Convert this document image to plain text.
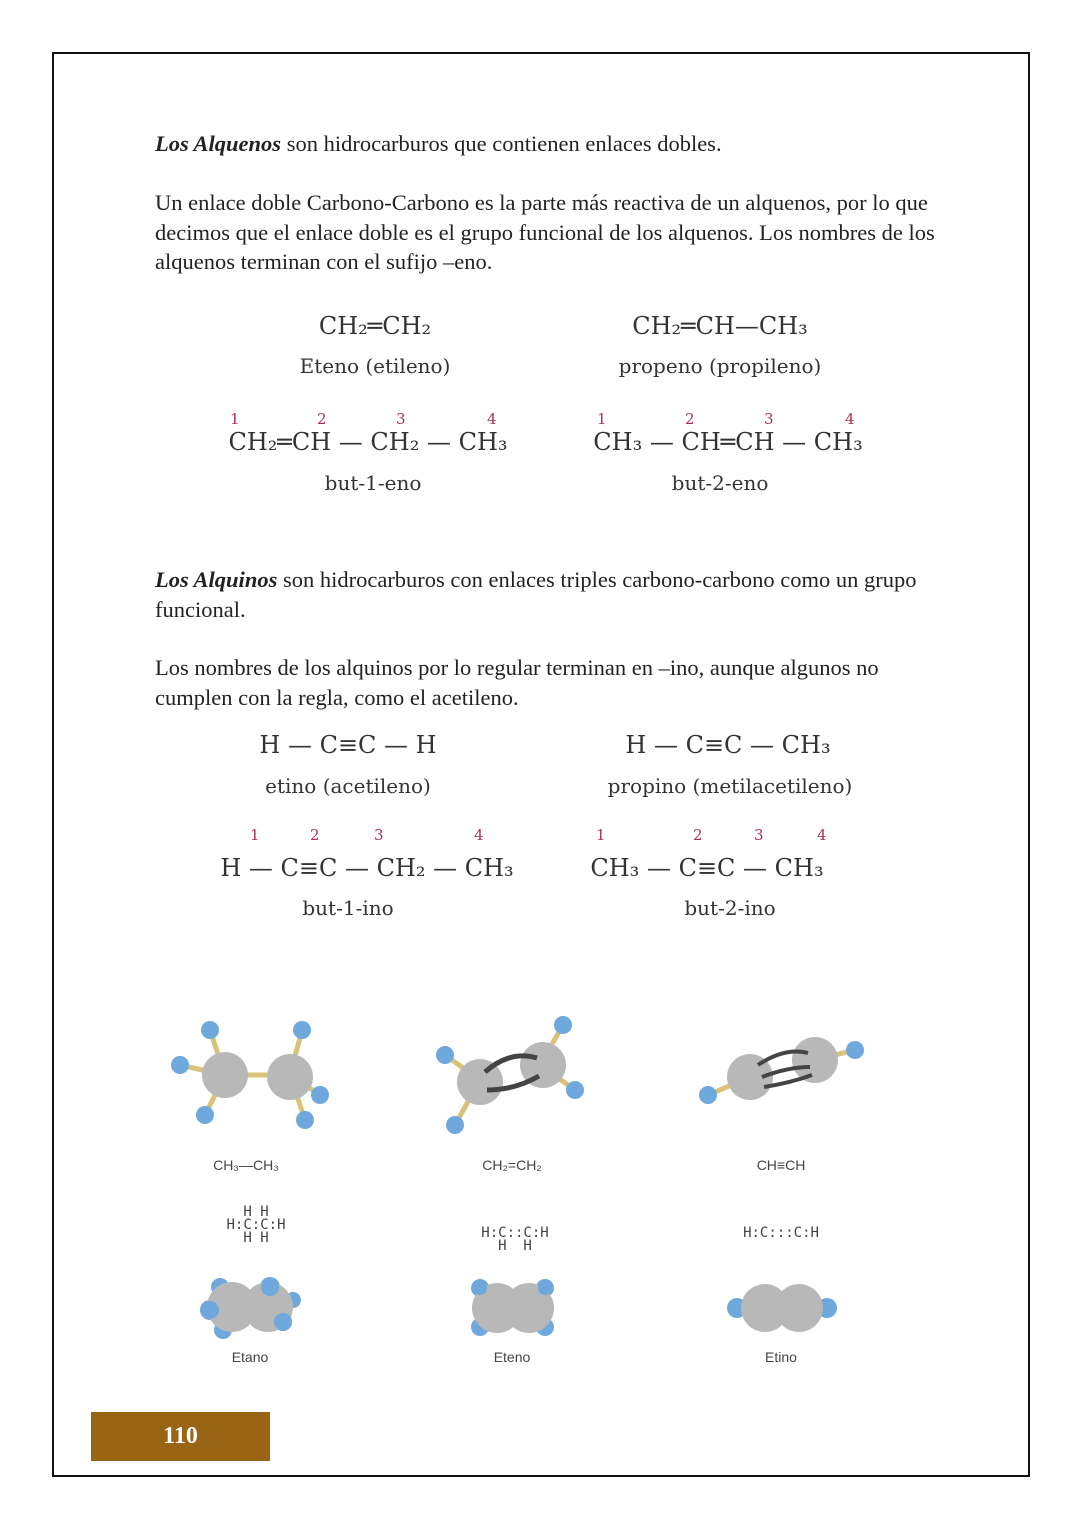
Los Alquenos son hidrocarburos que contienen enlaces dobles.
Un enlace doble Carbono-Carbono es la parte más reactiva de un alquenos, por lo que decimos que el enlace doble es el grupo funcional de los alquenos. Los nombres de los alquenos terminan con el sufijo –eno.
CH₂═CH₂
Eteno (etileno)
CH₂═CH—CH₃
propeno (propileno)
1	2	3	4
CH₂═CH — CH₂ — CH₃
but-1-eno
1	2	3	4
CH₃ — CH═CH — CH₃
but-2-eno
Los Alquinos son hidrocarburos con enlaces triples carbono-carbono como un grupo funcional.
Los nombres de los alquinos por lo regular terminan en –ino, aunque algunos no cumplen con la regla, como el acetileno.
H — C≡C — H
etino (acetileno)
H — C≡C — CH₃
propino (metilacetileno)
1	2	3	4
H — C≡C — CH₂ — CH₃
but-1-ino
1	2	3	4
CH₃ — C≡C — CH₃
but-2-ino
CH₃—CH₃	CH₂=CH₂	CH≡CH
H H
H:C:C:H
H H	H:C::C:H
H  H
H:C:::C:H
Etano	Eteno	Etino
110
